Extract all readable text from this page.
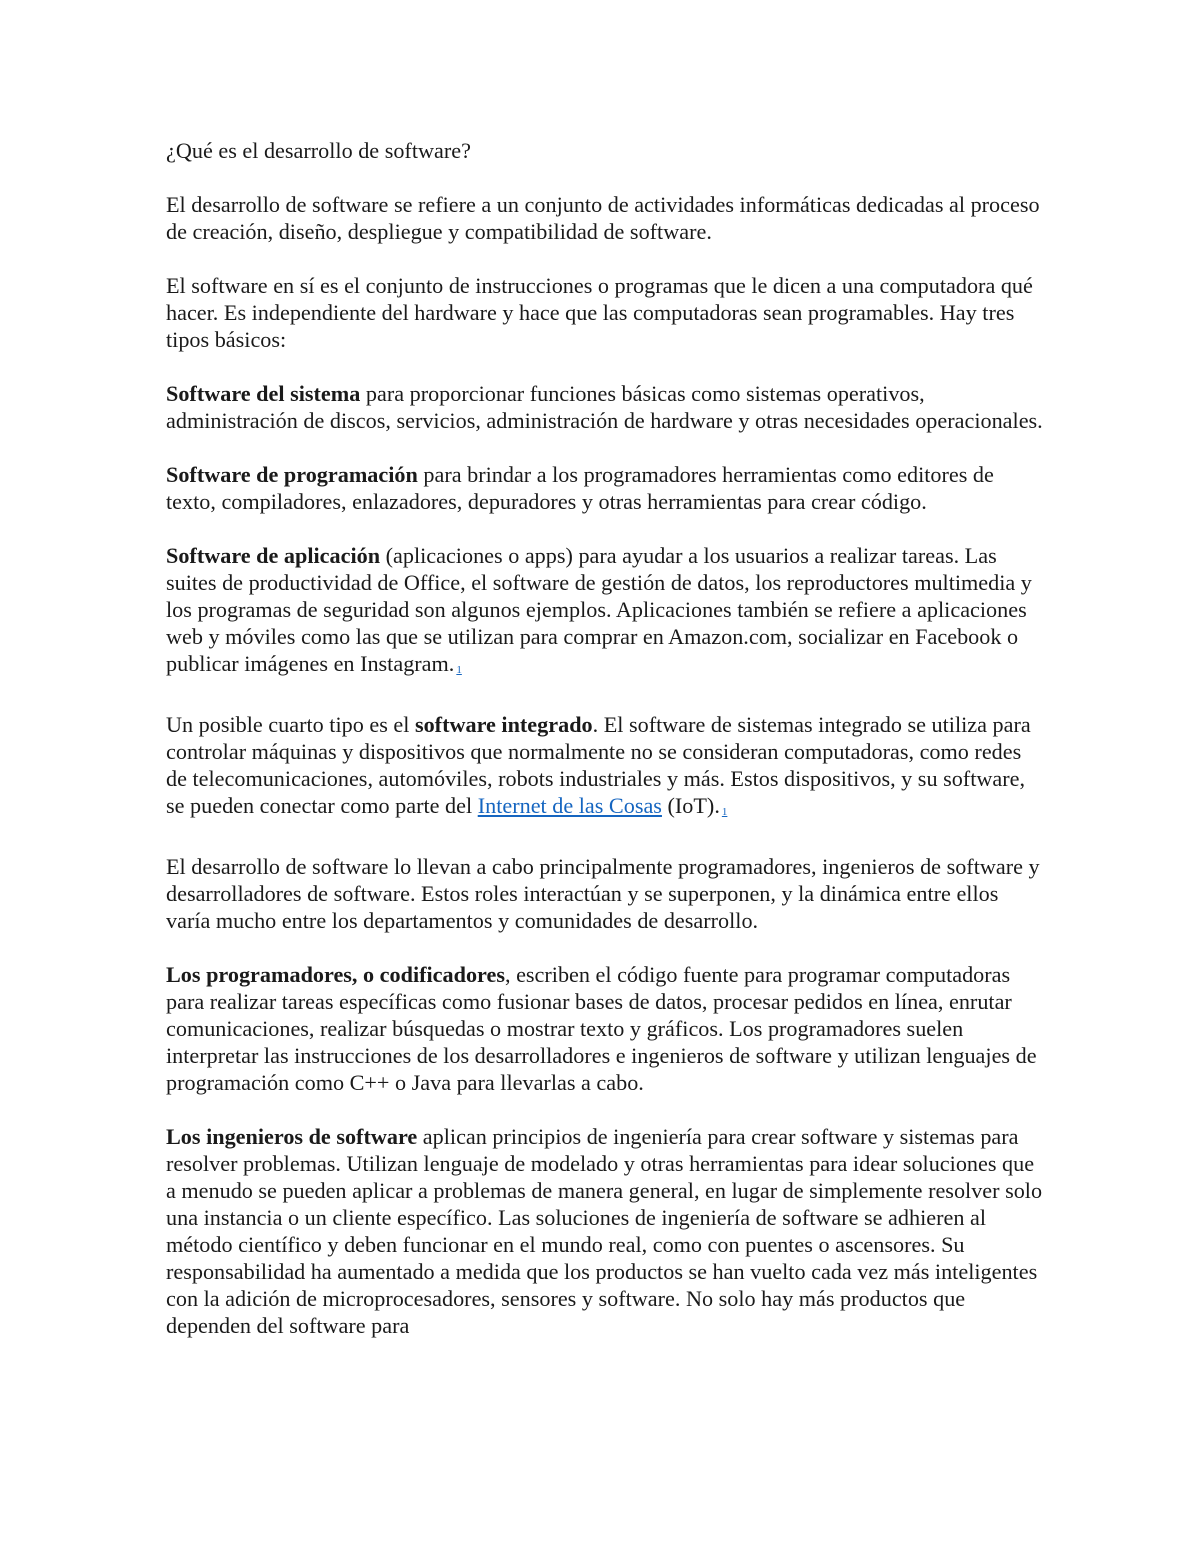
¿Qué es el desarrollo de software?

El desarrollo de software se refiere a un conjunto de actividades informáticas dedicadas al proceso de creación, diseño, despliegue y compatibilidad de software.

El software en sí es el conjunto de instrucciones o programas que le dicen a una computadora qué hacer. Es independiente del hardware y hace que las computadoras sean programables. Hay tres tipos básicos:

Software del sistema para proporcionar funciones básicas como sistemas operativos, administración de discos, servicios, administración de hardware y otras necesidades operacionales.

Software de programación para brindar a los programadores herramientas como editores de texto, compiladores, enlazadores, depuradores y otras herramientas para crear código.

Software de aplicación (aplicaciones o apps) para ayudar a los usuarios a realizar tareas. Las suites de productividad de Office, el software de gestión de datos, los reproductores multimedia y los programas de seguridad son algunos ejemplos. Aplicaciones también se refiere a aplicaciones web y móviles como las que se utilizan para comprar en Amazon.com, socializar en Facebook o publicar imágenes en Instagram. 1

Un posible cuarto tipo es el software integrado. El software de sistemas integrado se utiliza para controlar máquinas y dispositivos que normalmente no se consideran computadoras, como redes de telecomunicaciones, automóviles, robots industriales y más. Estos dispositivos, y su software, se pueden conectar como parte del Internet de las Cosas (IoT). 1

El desarrollo de software lo llevan a cabo principalmente programadores, ingenieros de software y desarrolladores de software. Estos roles interactúan y se superponen, y la dinámica entre ellos varía mucho entre los departamentos y comunidades de desarrollo.

Los programadores, o codificadores, escriben el código fuente para programar computadoras para realizar tareas específicas como fusionar bases de datos, procesar pedidos en línea, enrutar comunicaciones, realizar búsquedas o mostrar texto y gráficos. Los programadores suelen interpretar las instrucciones de los desarrolladores e ingenieros de software y utilizan lenguajes de programación como C++ o Java para llevarlas a cabo.

Los ingenieros de software aplican principios de ingeniería para crear software y sistemas para resolver problemas. Utilizan lenguaje de modelado y otras herramientas para idear soluciones que a menudo se pueden aplicar a problemas de manera general, en lugar de simplemente resolver solo una instancia o un cliente específico. Las soluciones de ingeniería de software se adhieren al método científico y deben funcionar en el mundo real, como con puentes o ascensores. Su responsabilidad ha aumentado a medida que los productos se han vuelto cada vez más inteligentes con la adición de microprocesadores, sensores y software. No solo hay más productos que dependen del software para
